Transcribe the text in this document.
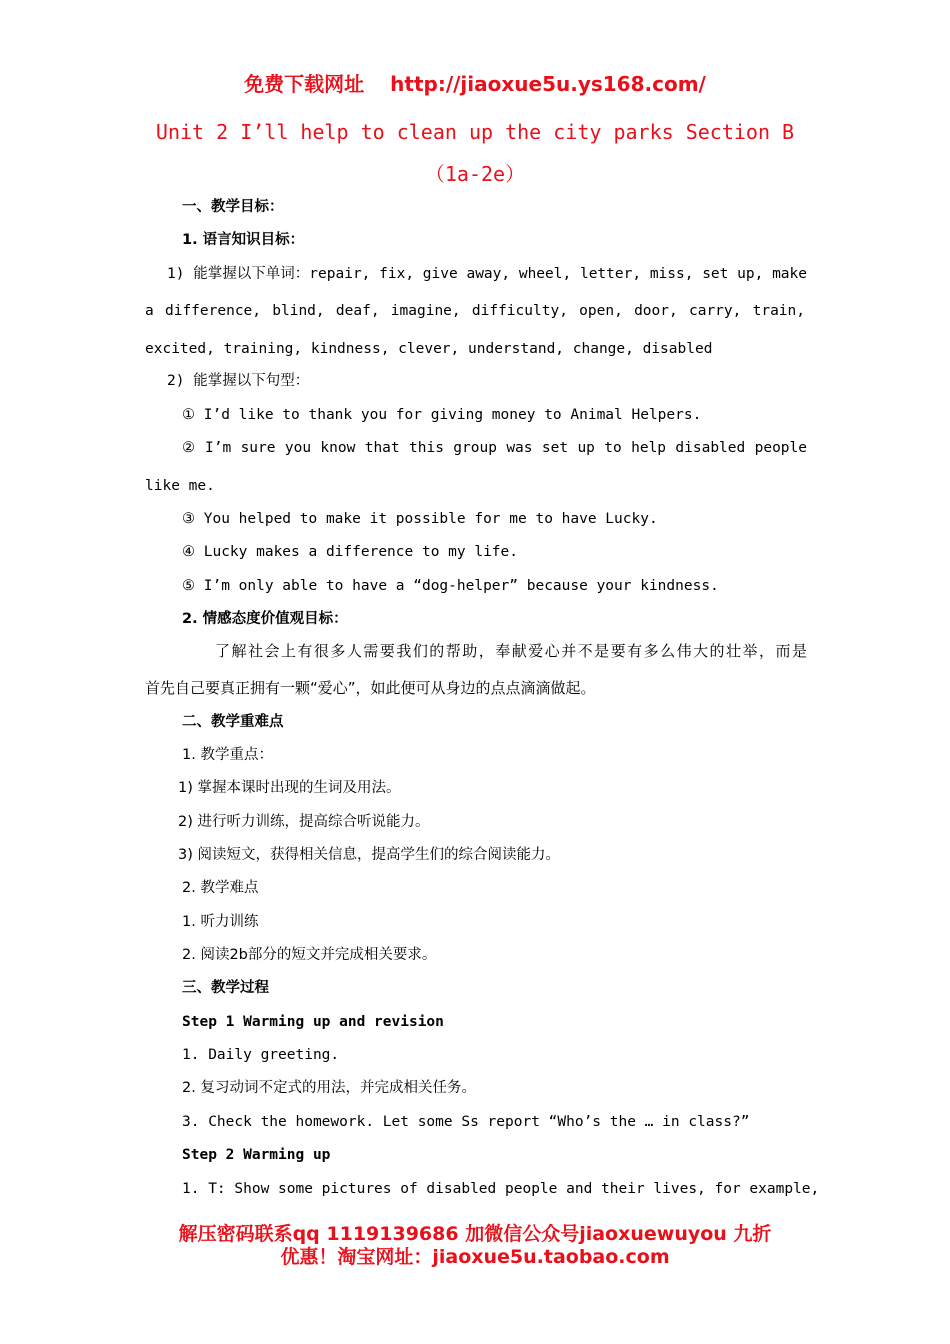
免费下载网址 http://jiaoxue5u.ys168.com/
Unit 2 I’ll help to clean up the city parks Section B
（1a-2e）
一、教学目标：
1. 语言知识目标：
1) 能掌握以下单词：repair, fix, give away, wheel, letter, miss, set up, make
a difference, blind, deaf, imagine, difficulty, open, door, carry, train,
excited, training, kindness, clever, understand, change, disabled
2) 能掌握以下句型：
① I’d like to thank you for giving money to Animal Helpers.
② I’m sure you know that this group was set up to help disabled people
like me.
③ You helped to make it possible for me to have Lucky.
④ Lucky makes a difference to my life.
⑤ I’m only able to have a “dog-helper” because your kindness.
2. 情感态度价值观目标：
了解社会上有很多人需要我们的帮助，奉献爱心并不是要有多么伟大的壮举，而是
首先自己要真正拥有一颗“爱心”，如此便可从身边的点点滴滴做起。
二、教学重难点
1. 教学重点：
1) 掌握本课时出现的生词及用法。
2) 进行听力训练，提高综合听说能力。
3) 阅读短文，获得相关信息，提高学生们的综合阅读能力。
2. 教学难点
1. 听力训练
2. 阅读2b部分的短文并完成相关要求。
三、教学过程
Step 1 Warming up and revision
1. Daily greeting.
2. 复习动词不定式的用法，并完成相关任务。
3. Check the homework. Let some Ss report “Who’s the … in class?”
Step 2 Warming up
1. T: Show some pictures of disabled people and their lives, for example,
解压密码联系qq 1119139686 加微信公众号jiaoxuewuyou 九折
优惠！淘宝网址：jiaoxue5u.taobao.com
